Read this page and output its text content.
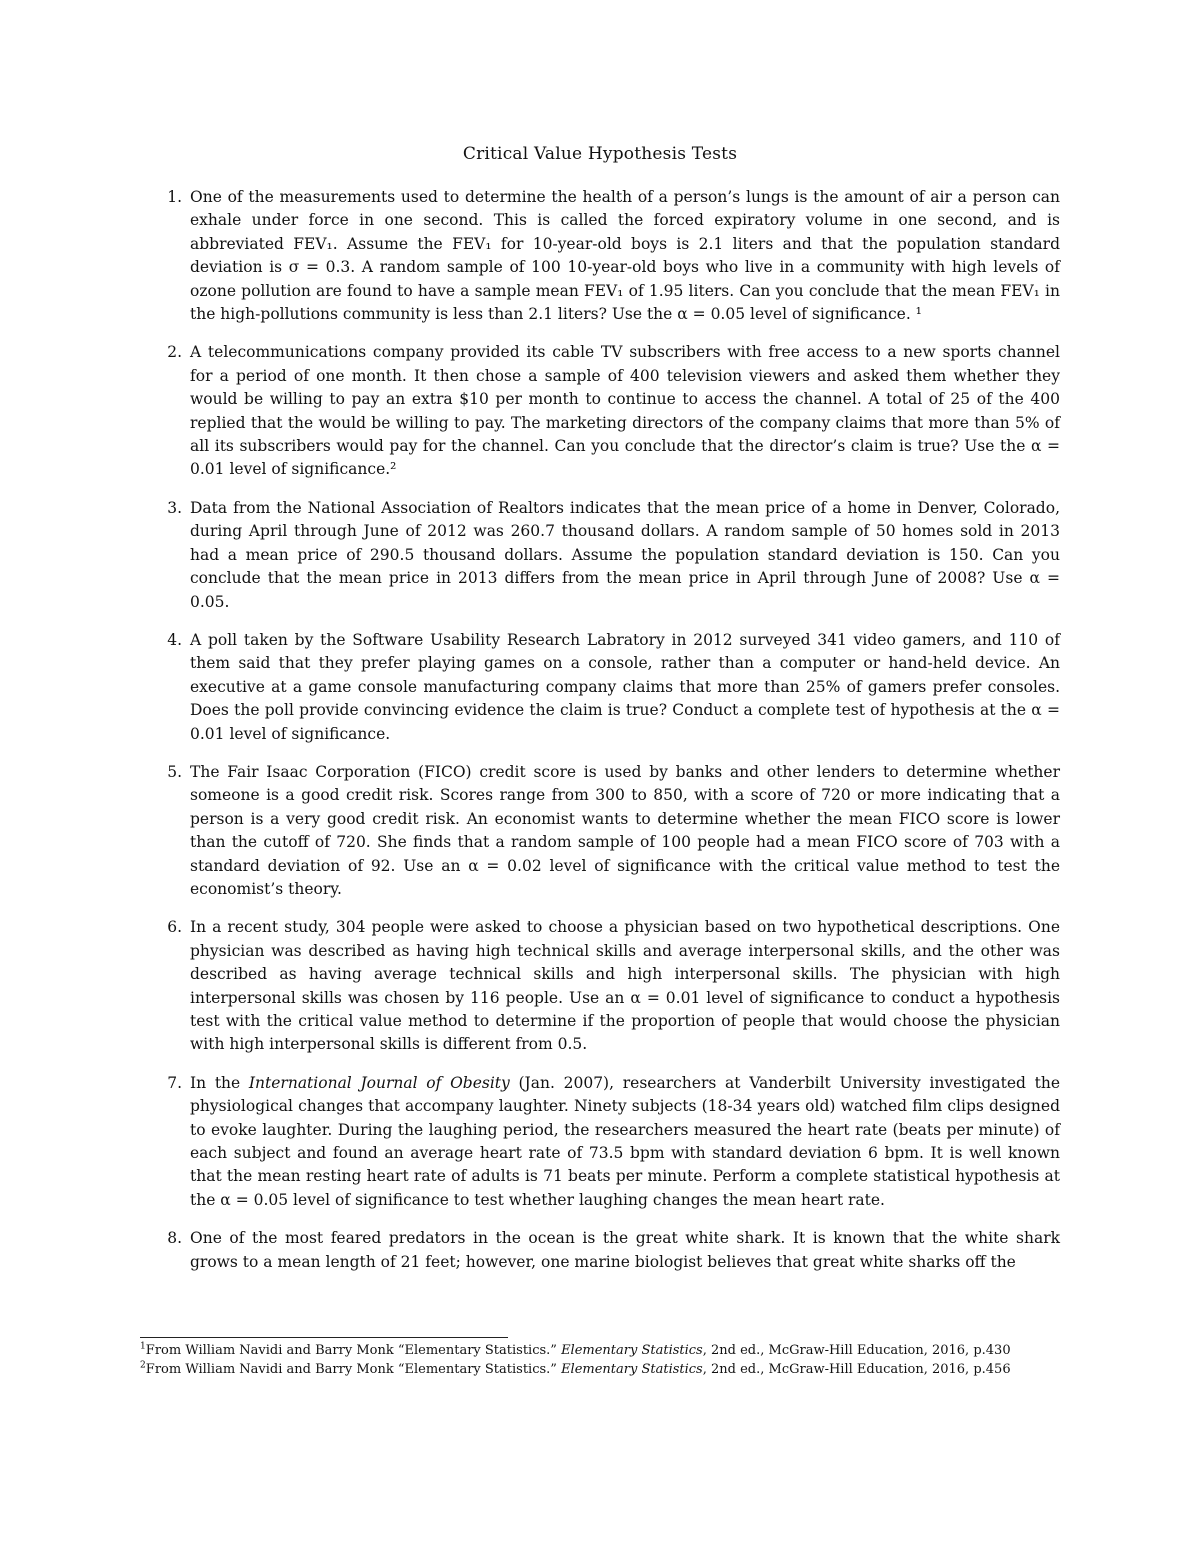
Critical Value Hypothesis Tests
1. One of the measurements used to determine the health of a person’s lungs is the amount of air a person can exhale under force in one second. This is called the forced expiratory volume in one second, and is abbreviated FEV₁. Assume the FEV₁ for 10-year-old boys is 2.1 liters and that the population standard deviation is σ = 0.3. A random sample of 100 10-year-old boys who live in a community with high levels of ozone pollution are found to have a sample mean FEV₁ of 1.95 liters. Can you conclude that the mean FEV₁ in the high-pollutions community is less than 2.1 liters? Use the α = 0.05 level of significance. ¹
2. A telecommunications company provided its cable TV subscribers with free access to a new sports channel for a period of one month. It then chose a sample of 400 television viewers and asked them whether they would be willing to pay an extra $10 per month to continue to access the channel. A total of 25 of the 400 replied that the would be willing to pay. The marketing directors of the company claims that more than 5% of all its subscribers would pay for the channel. Can you conclude that the director’s claim is true? Use the α = 0.01 level of significance.²
3. Data from the National Association of Realtors indicates that the mean price of a home in Denver, Colorado, during April through June of 2012 was 260.7 thousand dollars. A random sample of 50 homes sold in 2013 had a mean price of 290.5 thousand dollars. Assume the population standard deviation is 150. Can you conclude that the mean price in 2013 differs from the mean price in April through June of 2008? Use α = 0.05.
4. A poll taken by the Software Usability Research Labratory in 2012 surveyed 341 video gamers, and 110 of them said that they prefer playing games on a console, rather than a computer or hand-held device. An executive at a game console manufacturing company claims that more than 25% of gamers prefer consoles. Does the poll provide convincing evidence the claim is true? Conduct a complete test of hypothesis at the α = 0.01 level of significance.
5. The Fair Isaac Corporation (FICO) credit score is used by banks and other lenders to determine whether someone is a good credit risk. Scores range from 300 to 850, with a score of 720 or more indicating that a person is a very good credit risk. An economist wants to determine whether the mean FICO score is lower than the cutoff of 720. She finds that a random sample of 100 people had a mean FICO score of 703 with a standard deviation of 92. Use an α = 0.02 level of significance with the critical value method to test the economist’s theory.
6. In a recent study, 304 people were asked to choose a physician based on two hypothetical descriptions. One physician was described as having high technical skills and average interpersonal skills, and the other was described as having average technical skills and high interpersonal skills. The physician with high interpersonal skills was chosen by 116 people. Use an α = 0.01 level of significance to conduct a hypothesis test with the critical value method to determine if the proportion of people that would choose the physician with high interpersonal skills is different from 0.5.
7. In the International Journal of Obesity (Jan. 2007), researchers at Vanderbilt University investigated the physiological changes that accompany laughter. Ninety subjects (18-34 years old) watched film clips designed to evoke laughter. During the laughing period, the researchers measured the heart rate (beats per minute) of each subject and found an average heart rate of 73.5 bpm with standard deviation 6 bpm. It is well known that the mean resting heart rate of adults is 71 beats per minute. Perform a complete statistical hypothesis at the α = 0.05 level of significance to test whether laughing changes the mean heart rate.
8. One of the most feared predators in the ocean is the great white shark. It is known that the white shark grows to a mean length of 21 feet; however, one marine biologist believes that great white sharks off the
$^1$From William Navidi and Barry Monk “Elementary Statistics.” Elementary Statistics, 2nd ed., McGraw-Hill Education, 2016, p.430
$^2$From William Navidi and Barry Monk “Elementary Statistics.” Elementary Statistics, 2nd ed., McGraw-Hill Education, 2016, p.456
